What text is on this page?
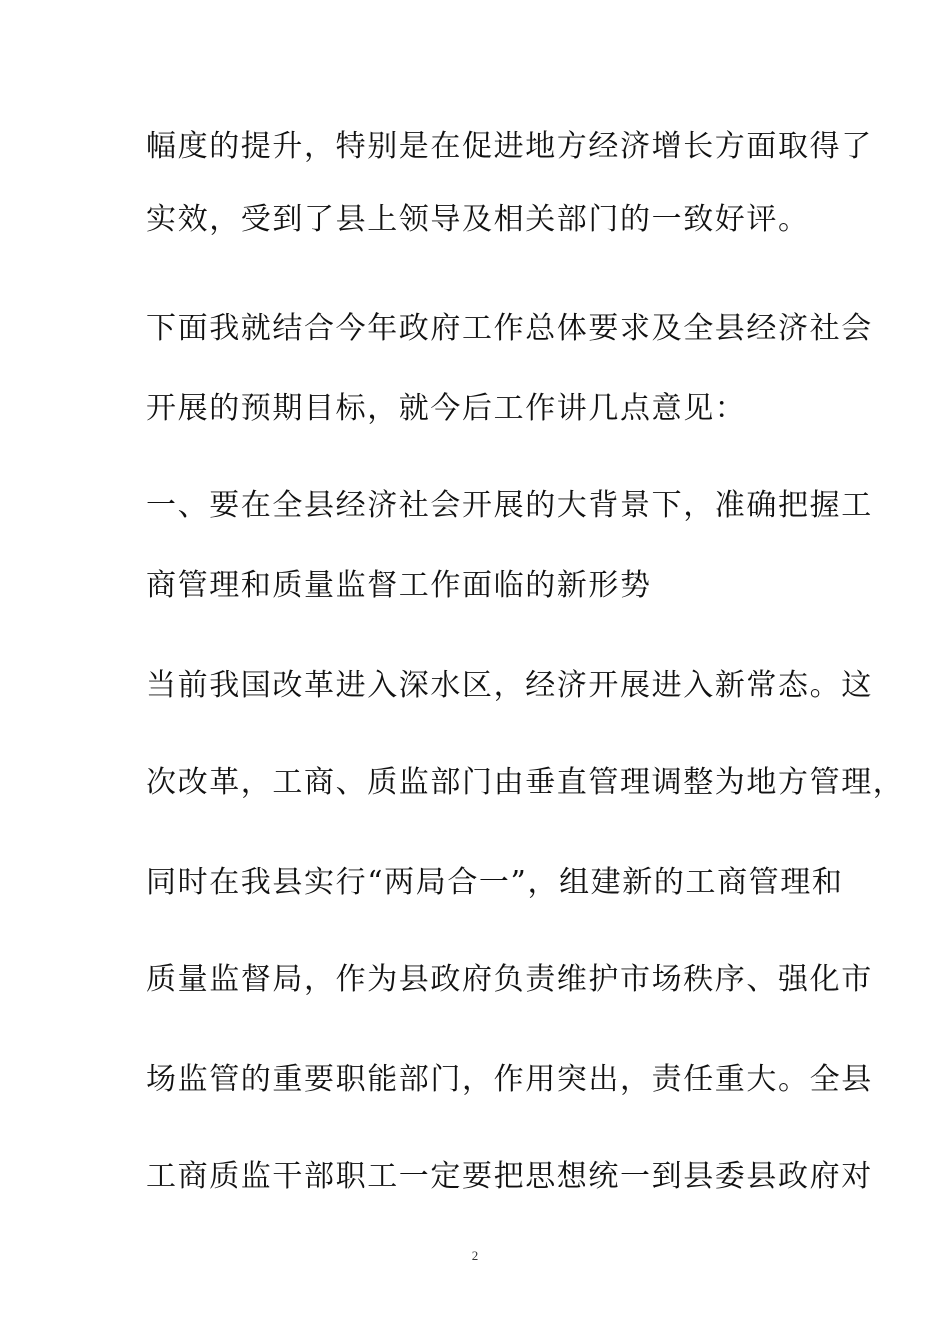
幅度的提升，特别是在促进地方经济增长方面取得了
实效，受到了县上领导及相关部门的一致好评。
下面我就结合今年政府工作总体要求及全县经济社会
开展的预期目标，就今后工作讲几点意见：
一、要在全县经济社会开展的大背景下，准确把握工
商管理和质量监督工作面临的新形势
当前我国改革进入深水区，经济开展进入新常态。这
次改革，工商、质监部门由垂直管理调整为地方管理，
同时在我县实行“两局合一”，组建新的工商管理和
质量监督局，作为县政府负责维护市场秩序、强化市
场监管的重要职能部门，作用突出，责任重大。全县
工商质监干部职工一定要把思想统一到县委县政府对
2
